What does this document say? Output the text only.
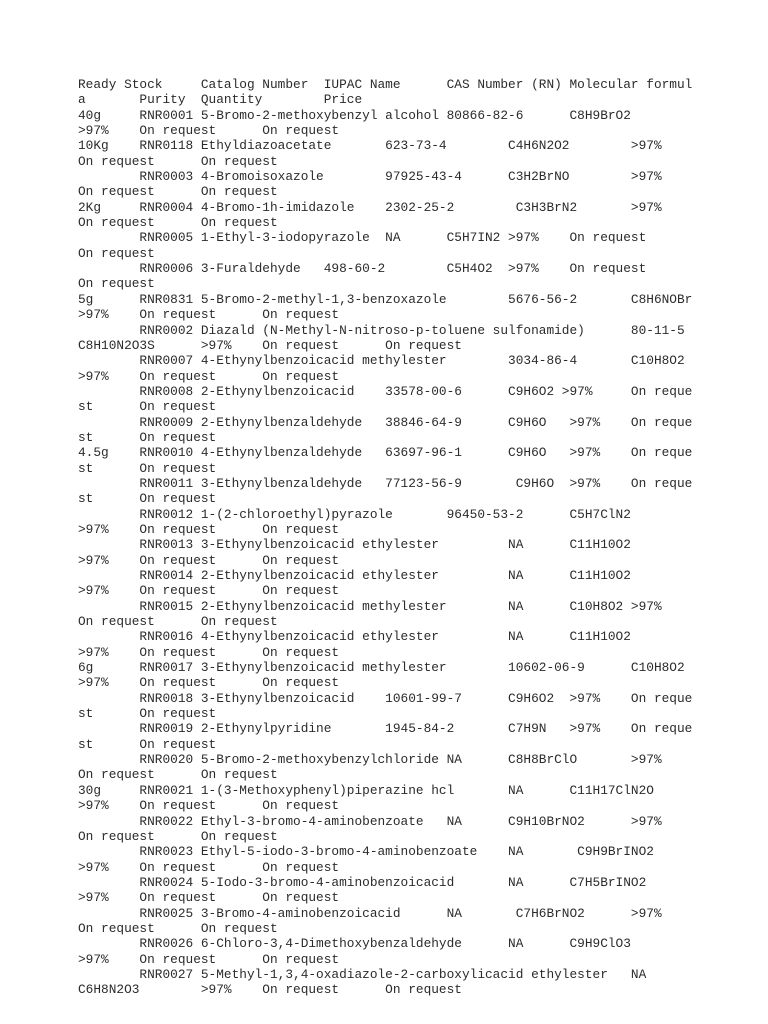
Ready Stock     Catalog Number  IUPAC Name      CAS Number (RN) Molecular formul
a       Purity  Quantity        Price
40g     RNR0001 5-Bromo-2-methoxybenzyl alcohol 80866-82-6      C8H9BrO2
>97%    On request      On request
10Kg    RNR0118 Ethyldiazoacetate       623-73-4        C4H6N2O2        >97%
On request      On request
RNR0003 4-Bromoisoxazole        97925-43-4      C3H2BrNO        >97%
On request      On request
2Kg     RNR0004 4-Bromo-1h-imidazole    2302-25-2        C3H3BrN2       >97%
On request      On request
RNR0005 1-Ethyl-3-iodopyrazole  NA      C5H7IN2 >97%    On request
On request
RNR0006 3-Furaldehyde   498-60-2        C5H4O2  >97%    On request
On request
5g      RNR0831 5-Bromo-2-methyl-1,3-benzoxazole        5676-56-2       C8H6NOBr
>97%    On request      On request
RNR0002 Diazald (N-Methyl-N-nitroso-p-toluene sulfonamide)      80-11-5
C8H10N2O3S      >97%    On request      On request
RNR0007 4-Ethynylbenzoicacid methylester        3034-86-4       C10H8O2
>97%    On request      On request
RNR0008 2-Ethynylbenzoicacid    33578-00-6      C9H6O2 >97%     On reque
st      On request
RNR0009 2-Ethynylbenzaldehyde   38846-64-9      C9H6O   >97%    On reque
st      On request
4.5g    RNR0010 4-Ethynylbenzaldehyde   63697-96-1      C9H6O   >97%    On reque
st      On request
RNR0011 3-Ethynylbenzaldehyde   77123-56-9       C9H6O  >97%    On reque
st      On request
RNR0012 1-(2-chloroethyl)pyrazole       96450-53-2      C5H7ClN2
>97%    On request      On request
RNR0013 3-Ethynylbenzoicacid ethylester         NA      C11H10O2
>97%    On request      On request
RNR0014 2-Ethynylbenzoicacid ethylester         NA      C11H10O2
>97%    On request      On request
RNR0015 2-Ethynylbenzoicacid methylester        NA      C10H8O2 >97%
On request      On request
RNR0016 4-Ethynylbenzoicacid ethylester         NA      C11H10O2
>97%    On request      On request
6g      RNR0017 3-Ethynylbenzoicacid methylester        10602-06-9      C10H8O2
>97%    On request      On request
RNR0018 3-Ethynylbenzoicacid    10601-99-7      C9H6O2  >97%    On reque
st      On request
RNR0019 2-Ethynylpyridine       1945-84-2       C7H9N   >97%    On reque
st      On request
RNR0020 5-Bromo-2-methoxybenzylchloride NA      C8H8BrClO       >97%
On request      On request
30g     RNR0021 1-(3-Methoxyphenyl)piperazine hcl       NA      C11H17ClN2O
>97%    On request      On request
RNR0022 Ethyl-3-bromo-4-aminobenzoate   NA      C9H10BrNO2      >97%
On request      On request
RNR0023 Ethyl-5-iodo-3-bromo-4-aminobenzoate    NA       C9H9BrINO2
>97%    On request      On request
RNR0024 5-Iodo-3-bromo-4-aminobenzoicacid       NA      C7H5BrINO2
>97%    On request      On request
RNR0025 3-Bromo-4-aminobenzoicacid      NA       C7H6BrNO2      >97%
On request      On request
RNR0026 6-Chloro-3,4-Dimethoxybenzaldehyde      NA      C9H9ClO3
>97%    On request      On request
RNR0027 5-Methyl-1,3,4-oxadiazole-2-carboxylicacid ethylester   NA
C6H8N2O3        >97%    On request      On request
